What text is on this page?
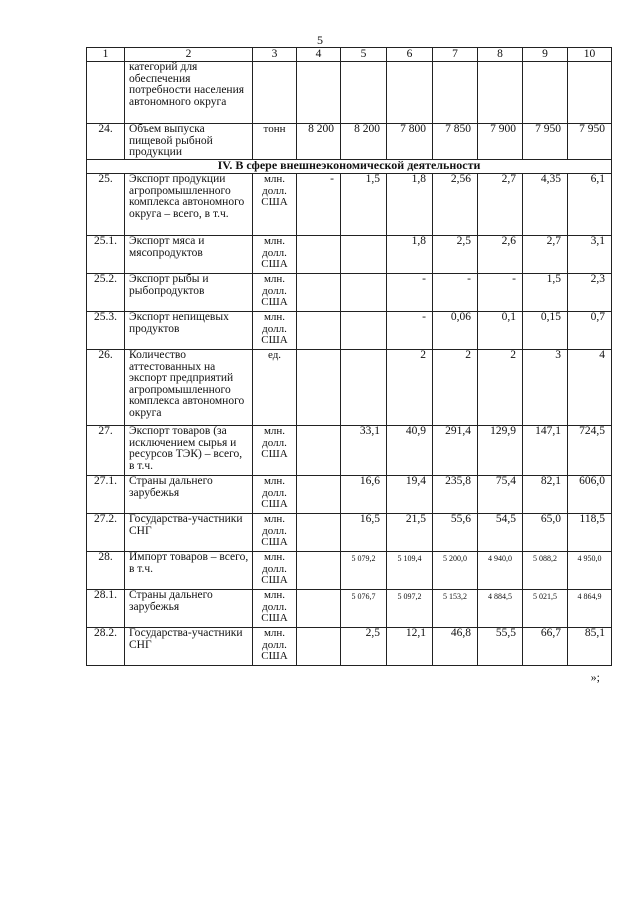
5
1	2	3	4	5	6	7	8	9	10
	категорий для обеспечения потребности населения автономного округа								
24.	Объем выпуска пищевой рыбной продукции	тонн	8 200	8 200	7 800	7 850	7 900	7 950	7 950
IV. В сфере внешнеэкономической деятельности									
25.	Экспорт продукции агропромышленного комплекса автономного округа – всего, в т.ч.	млн. долл. США	-	1,5	1,8	2,56	2,7	4,35	6,1
25.1.	Экспорт мяса и мясопродуктов	млн. долл. США			1,8	2,5	2,6	2,7	3,1
25.2.	Экспорт рыбы и рыбопродуктов	млн. долл. США			-	-	-	1,5	2,3
25.3.	Экспорт непищевых продуктов	млн. долл. США			-	0,06	0,1	0,15	0,7
26.	Количество аттестованных на экспорт предприятий агропромышленного комплекса автономного округа	ед.			2	2	2	3	4
27.	Экспорт товаров (за исключением сырья и ресурсов ТЭК) – всего, в т.ч.	млн. долл. США		33,1	40,9	291,4	129,9	147,1	724,5
27.1.	Страны дальнего зарубежья	млн. долл. США		16,6	19,4	235,8	75,4	82,1	606,0
27.2.	Государства-участники СНГ	млн. долл. США		16,5	21,5	55,6	54,5	65,0	118,5
28.	Импорт товаров – всего, в т.ч.	млн. долл. США		5 079,2	5 109,4	5 200,0	4 940,0	5 088,2	4 950,0
28.1.	Страны дальнего зарубежья	млн. долл. США		5 076,7	5 097,2	5 153,2	4 884,5	5 021,5	4 864,9
28.2.	Государства-участники СНГ	млн. долл. США		2,5	12,1	46,8	55,5	66,7	85,1
»;
